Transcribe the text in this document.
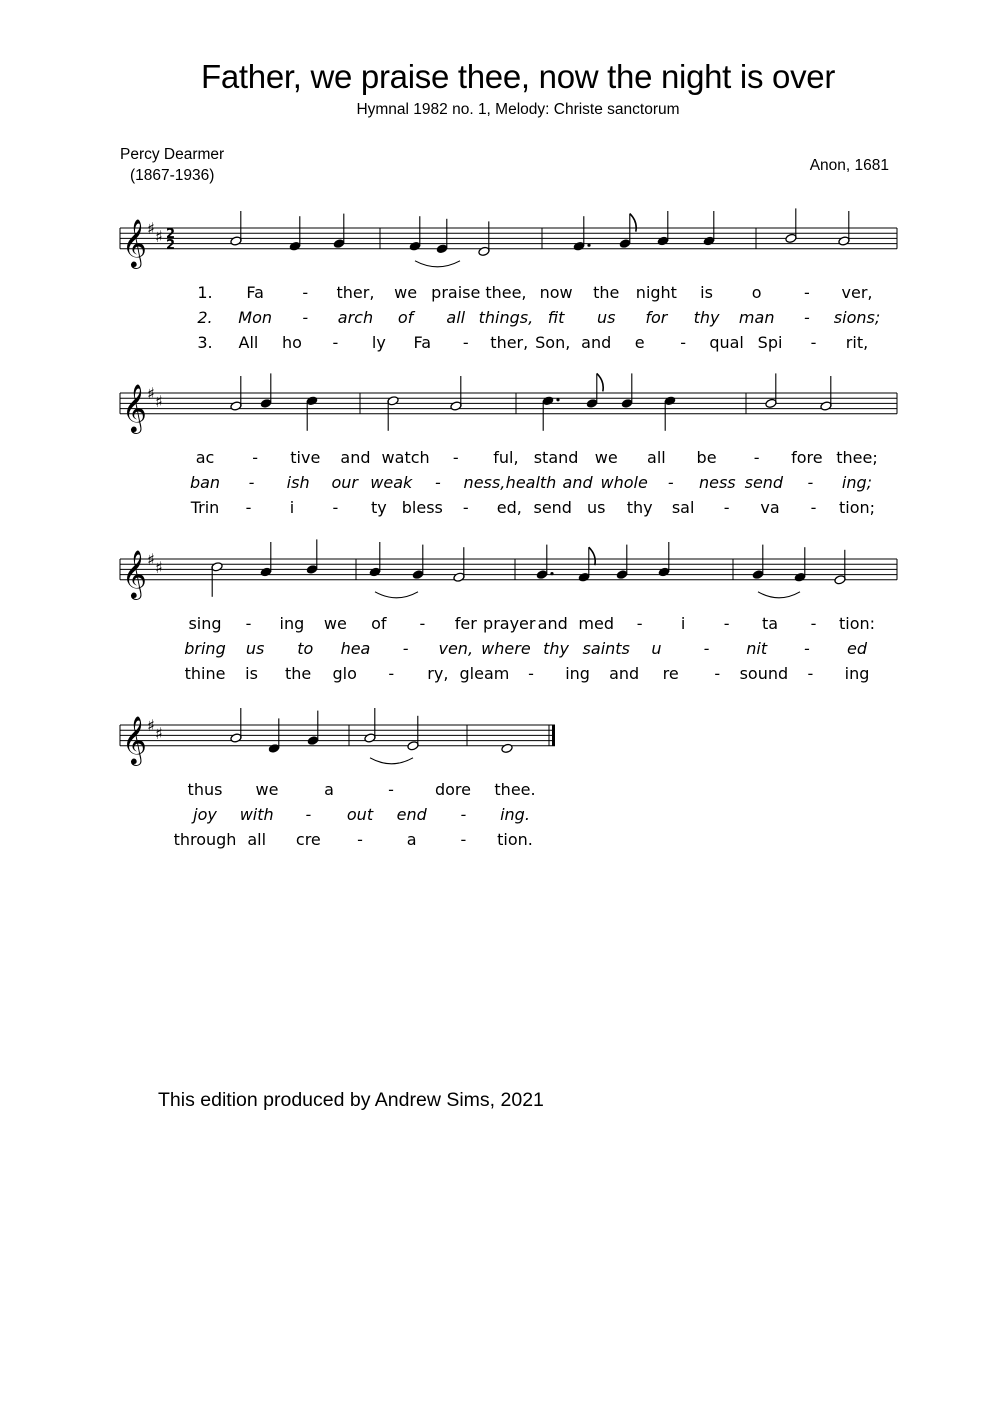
Father, we praise thee, now the night is over
Hymnal 1982 no. 1, Melody: Christe sanctorum
Percy Dearmer
(1867-1936)
Anon, 1681
𝄞 ♯ ♯ 2
2
1. Fa - ther, we praise thee, now the night is o	- ver,
2. Mon - arch of all things, fit us for thy man - sions;
3. All ho - ly Fa - ther, Son, and e - qual Spi - rit,
𝄞 ♯ ♯
ac - tive and watch - ful, stand we all be - fore thee;
ban - ish our weak - ness,health and whole - ness send - ing;
Trin - i - ty bless - ed, send us thy sal - va - tion;
𝄞 ♯ ♯
sing - ing we of - fer prayer and med - i - ta - tion:
bring us to hea - ven, where thy saints u	- nit - ed
thine is the glo - ry, gleam - ing and re - sound - ing
𝄞 ♯ ♯
thus we	a	-	dore thee.
joy with - out end - ing.
through all cre -	a	- tion.
This edition produced by Andrew Sims, 2021
